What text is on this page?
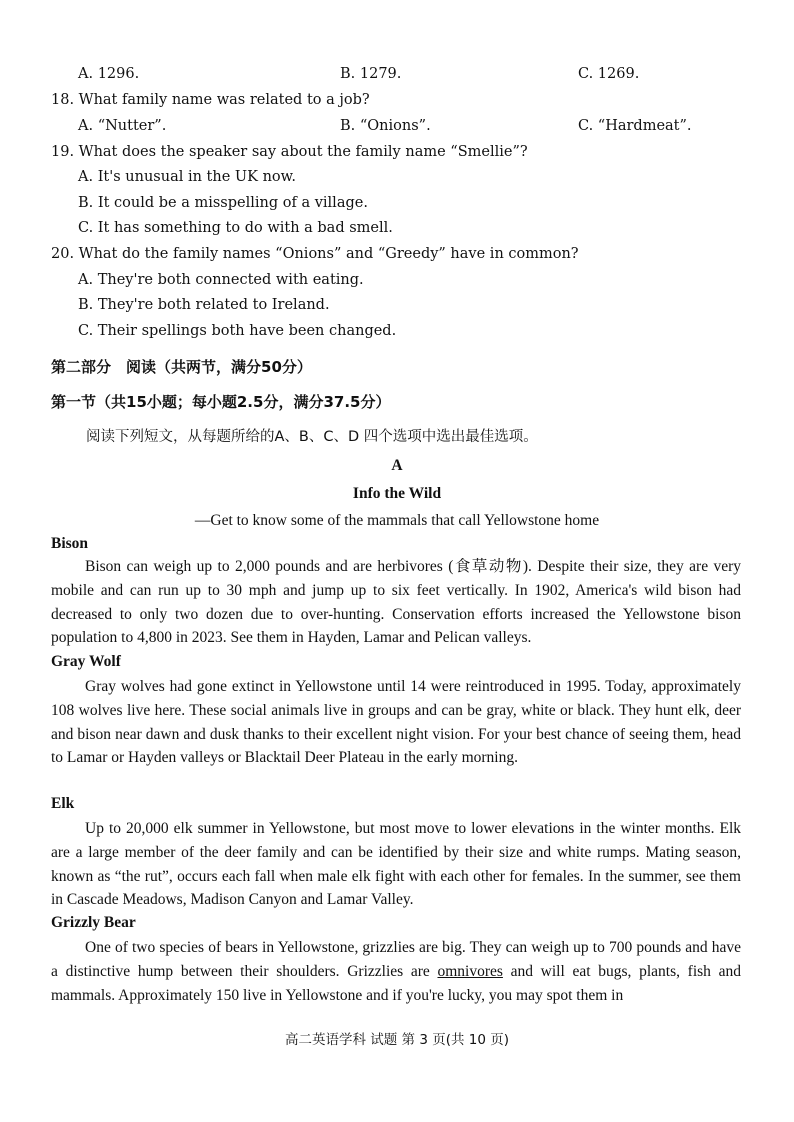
A. 1296.	B. 1279.	C. 1269.
18. What family name was related to a job?
A. “Nutter”.	B. “Onions”.	C. “Hardmeat”.
19. What does the speaker say about the family name “Smellie”?
A. It's unusual in the UK now.
B. It could be a misspelling of a village.
C. It has something to do with a bad smell.
20. What do the family names “Onions” and “Greedy” have in common?
A. They're both connected with eating.
B. They're both related to Ireland.
C. Their spellings both have been changed.
第二部分　阅读（共两节，满分50分）
第一节（共15小题；每小题2.5分，满分37.5分）
阅读下列短文，从每题所给的A、B、C、D 四个选项中选出最佳选项。
A
Info the Wild
—Get to know some of the mammals that call Yellowstone home
Bison

Bison can weigh up to 2,000 pounds and are herbivores (食草动物). Despite their size, they are very mobile and can run up to 30 mph and jump up to six feet vertically. In 1902, America's wild bison had decreased to only two dozen due to over-hunting. Conservation efforts increased the Yellowstone bison population to 4,800 in 2023. See them in Hayden, Lamar and Pelican valleys.

Gray Wolf

Gray wolves had gone extinct in Yellowstone until 14 were reintroduced in 1995. Today, approximately 108 wolves live here. These social animals live in groups and can be gray, white or black. They hunt elk, deer and bison near dawn and dusk thanks to their excellent night vision. For your best chance of seeing them, head to Lamar or Hayden valleys or Blacktail Deer Plateau in the early morning.

Elk

Up to 20,000 elk summer in Yellowstone, but most move to lower elevations in the winter months. Elk are a large member of the deer family and can be identified by their size and white rumps. Mating season, known as “the rut”, occurs each fall when male elk fight with each other for females. In the summer, see them in Cascade Meadows, Madison Canyon and Lamar Valley.

Grizzly Bear

One of two species of bears in Yellowstone, grizzlies are big. They can weigh up to 700 pounds and have a distinctive hump between their shoulders. Grizzlies are omnivores and will eat bugs, plants, fish and mammals. Approximately 150 live in Yellowstone and if you're lucky, you may spot them in

高二英语学科 试题 第 3 页(共 10 页)
